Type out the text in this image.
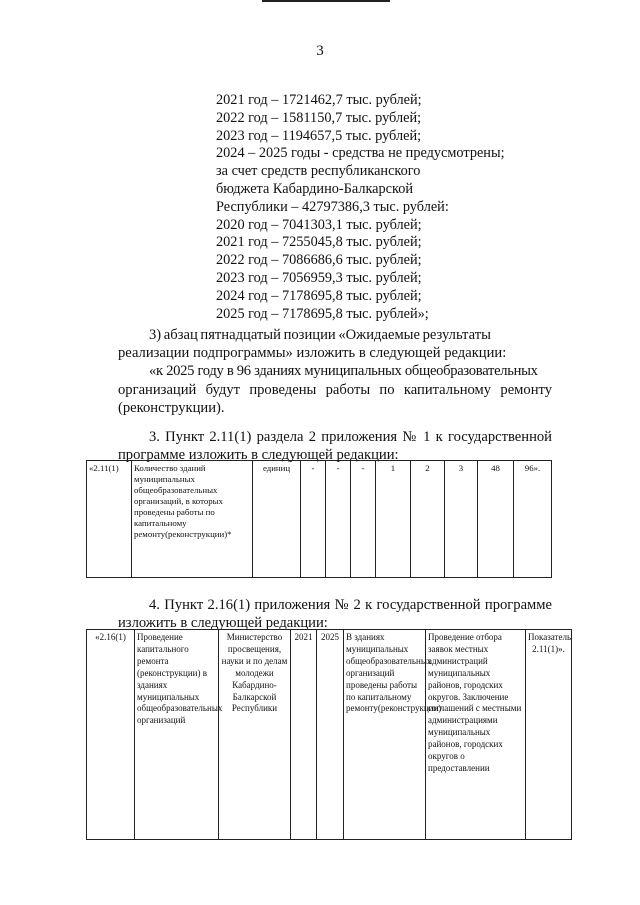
3
2021 год – 1721462,7 тыс. рублей;
2022 год – 1581150,7 тыс. рублей;
2023 год – 1194657,5 тыс. рублей;
2024 – 2025 годы - средства не предусмотрены;
за счет средств республиканского
бюджета Кабардино-Балкарской
Республики – 42797386,3 тыс. рублей:
2020 год – 7041303,1 тыс. рублей;
2021 год – 7255045,8 тыс. рублей;
2022 год – 7086686,6 тыс. рублей;
2023 год – 7056959,3 тыс. рублей;
2024 год – 7178695,8 тыс. рублей;
2025 год – 7178695,8 тыс. рублей»;
3) абзац пятнадцатый позиции «Ожидаемые результаты
реализации подпрограммы» изложить в следующей редакции:
«к 2025 году в 96 зданиях муниципальных общеобразовательных
организаций будут проведены работы по капитальному ремонту
(реконструкции).
3. Пункт 2.11(1) раздела 2 приложения № 1 к государственной
программе изложить в следующей редакции:
«2.11(1)	Количество зданий муниципальных общеобразовательных организаций, в которых проведены работы по капитальному ремонту(реконструкции)*	единиц	-	-	-	1	2	3	48	96».
4. Пункт 2.16(1) приложения № 2 к государственной программе
изложить в следующей редакции:
«2.16(1)	Проведение капитального ремонта (реконструкции) в зданиях муниципальных общеобразовательных организаций	Министерство просвещения, науки и по делам молодежи Кабардино-Балкарской Республики	2021	2025	В зданиях муниципальных общеобразовательных организаций проведены работы по капитальному ремонту(реконструкции)	Проведение отбора заявок местных администраций муниципальных районов, городских округов. Заключение соглашений с местными администрациями муниципальных районов, городских округов о предоставлении	Показатель 2.11(1)».
